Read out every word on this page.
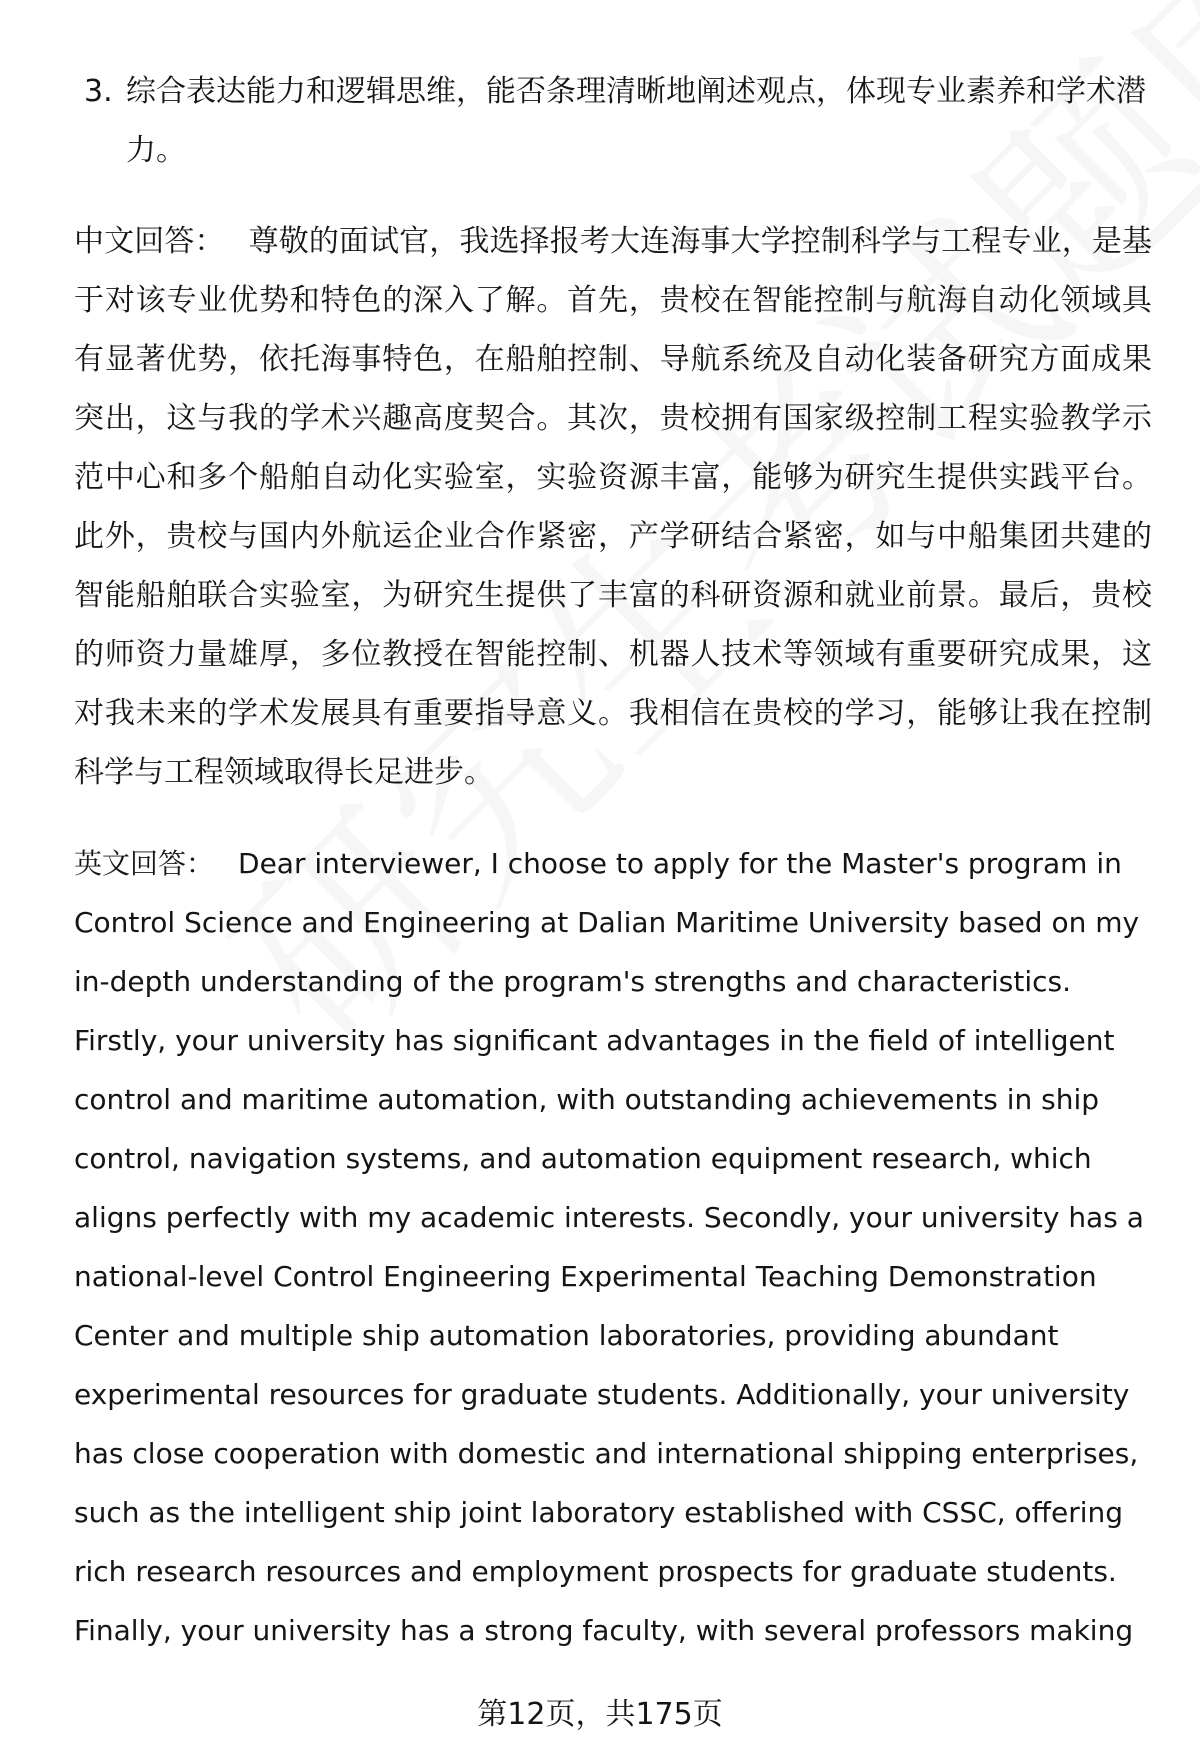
3. 综合表达能力和逻辑思维，能否条理清晰地阐述观点，体现专业素养和学术潜力。
中文回答： 尊敬的面试官，我选择报考大连海事大学控制科学与工程专业，是基于对该专业优势和特色的深入了解。首先，贵校在智能控制与航海自动化领域具有显著优势，依托海事特色，在船舶控制、导航系统及自动化装备研究方面成果突出，这与我的学术兴趣高度契合。其次，贵校拥有国家级控制工程实验教学示范中心和多个船舶自动化实验室，实验资源丰富，能够为研究生提供实践平台。此外，贵校与国内外航运企业合作紧密，产学研结合紧密，如与中船集团共建的智能船舶联合实验室，为研究生提供了丰富的科研资源和就业前景。最后，贵校的师资力量雄厚，多位教授在智能控制、机器人技术等领域有重要研究成果，这对我未来的学术发展具有重要指导意义。我相信在贵校的学习，能够让我在控制科学与工程领域取得长足进步。
英文回答： Dear interviewer, I choose to apply for the Master's program in Control Science and Engineering at Dalian Maritime University based on my in-depth understanding of the program's strengths and characteristics. Firstly, your university has significant advantages in the field of intelligent control and maritime automation, with outstanding achievements in ship control, navigation systems, and automation equipment research, which aligns perfectly with my academic interests. Secondly, your university has a national-level Control Engineering Experimental Teaching Demonstration Center and multiple ship automation laboratories, providing abundant experimental resources for graduate students. Additionally, your university has close cooperation with domestic and international shipping enterprises, such as the intelligent ship joint laboratory established with CSSC, offering rich research resources and employment prospects for graduate students. Finally, your university has a strong faculty, with several professors making
第12页，共175页
